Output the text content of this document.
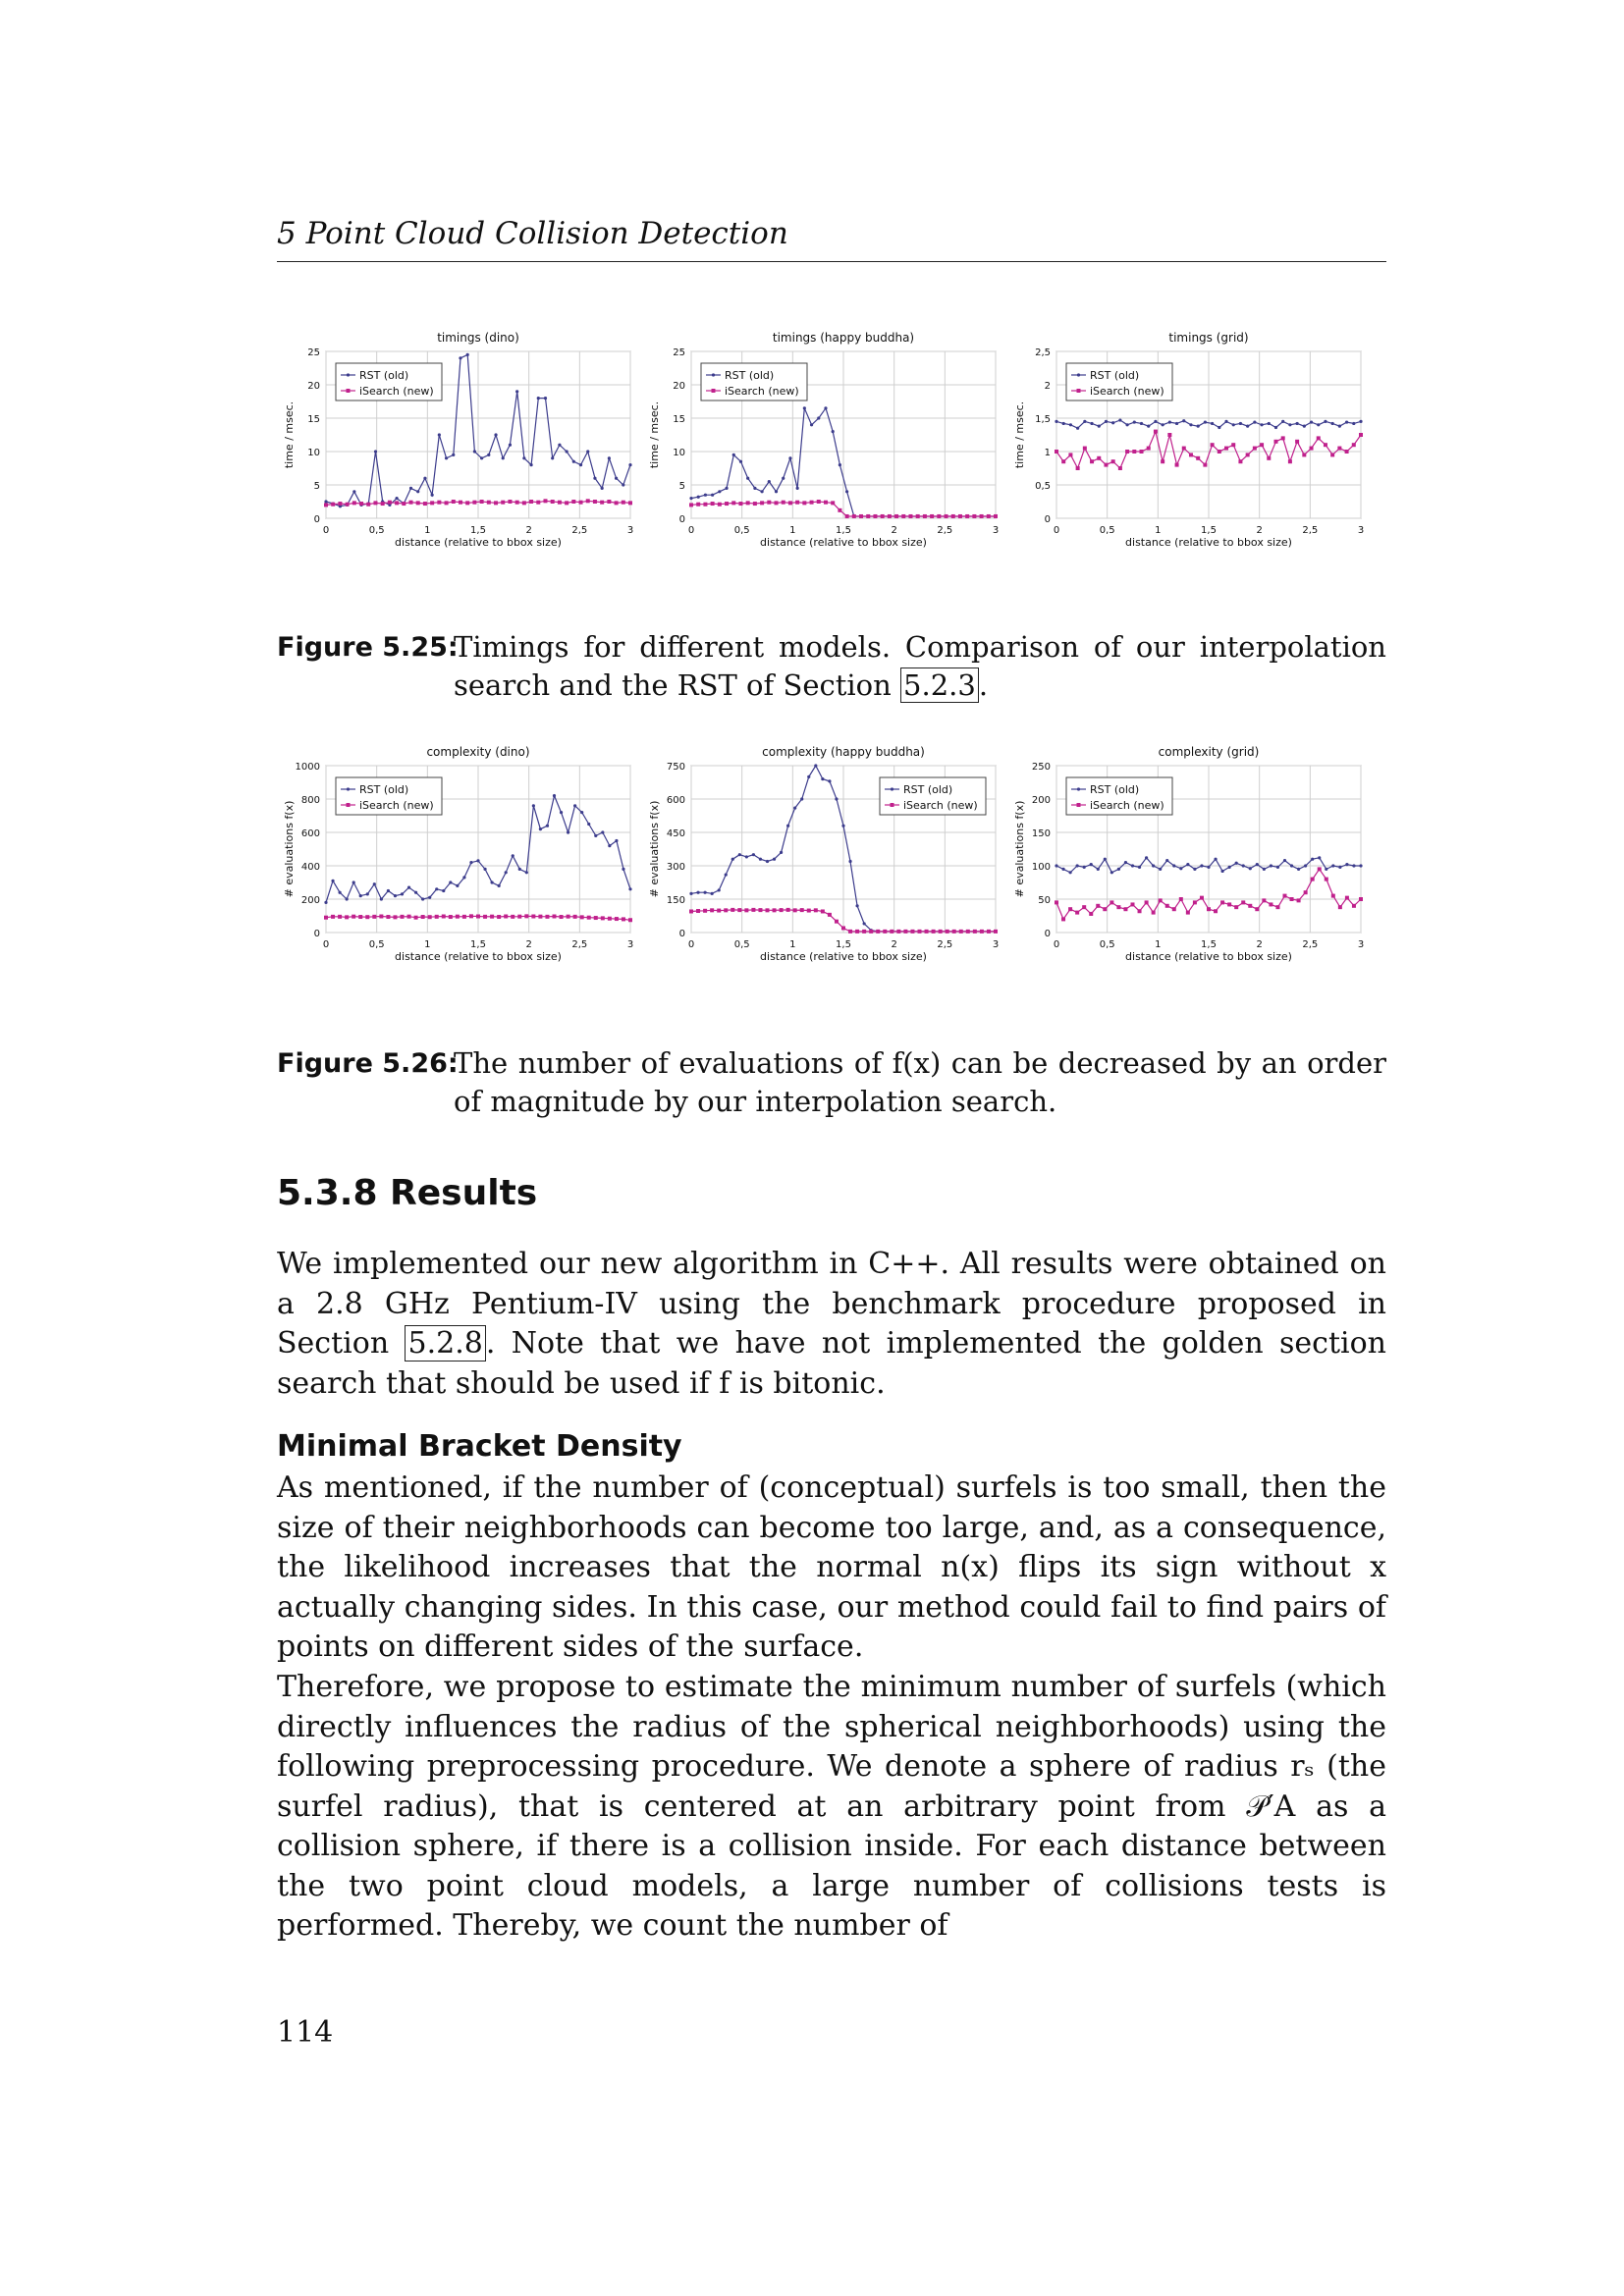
5 Point Cloud Collision Detection
timings (dino)
0	0,5	1	1,5	2	2,5	3
0
5
10
15
20
25
distance (relative to bbox size)
time / msec.
RST (old)
iSearch (new)
timings (happy buddha)
0	0,5	1	1,5	2	2,5	3
0
5
10
15
20
25
distance (relative to bbox size)
time / msec.
RST (old)
iSearch (new)
timings (grid)
0	0,5	1	1,5	2	2,5	3
0
0,5
1
1,5
2
2,5
distance (relative to bbox size)
time / msec.
RST (old)
iSearch (new)
Figure 5.25:
Timings for different models. Comparison of our interpolation search and the RST of Section 5.2.3 .
complexity (dino)
0	0,5	1	1,5	2	2,5	3
0
200
400
600
800
1000
distance (relative to bbox size)
# evaluations f(x)
RST (old)
iSearch (new)
complexity (happy buddha)
0	0,5	1	1,5	2	2,5	3
0
150
300
450
600
750
distance (relative to bbox size)
# evaluations f(x)
RST (old)
iSearch (new)
complexity (grid)
0	0,5	1	1,5	2	2,5	3
0
50
100
150
200
250
distance (relative to bbox size)
# evaluations f(x)
RST (old)
iSearch (new)
Figure 5.26:
The number of evaluations of f(x) can be decreased by an order of magnitude by our interpolation search.
5.3.8 Results
We implemented our new algorithm in C++. All results were obtained on a 2.8 GHz Pentium-IV using the benchmark procedure proposed in Section 5.2.8 . Note that we have not implemented the golden section search that should be used if f is bitonic.
Minimal Bracket Density
As mentioned, if the number of (conceptual) surfels is too small, then the size of their neighborhoods can become too large, and, as a consequence, the likelihood increases that the normal n(x) flips its sign without x actually changing sides. In this case, our method could fail to find pairs of points on different sides of the surface.
Therefore, we propose to estimate the minimum number of surfels (which directly influences the radius of the spherical neighborhoods) using the following preprocessing procedure. We denote a sphere of radius rₛ (the surfel radius), that is centered at an arbitrary point from 𝒫′A as a collision sphere, if there is a collision inside. For each distance between the two point cloud models, a large number of collisions tests is performed. Thereby, we count the number of
114
